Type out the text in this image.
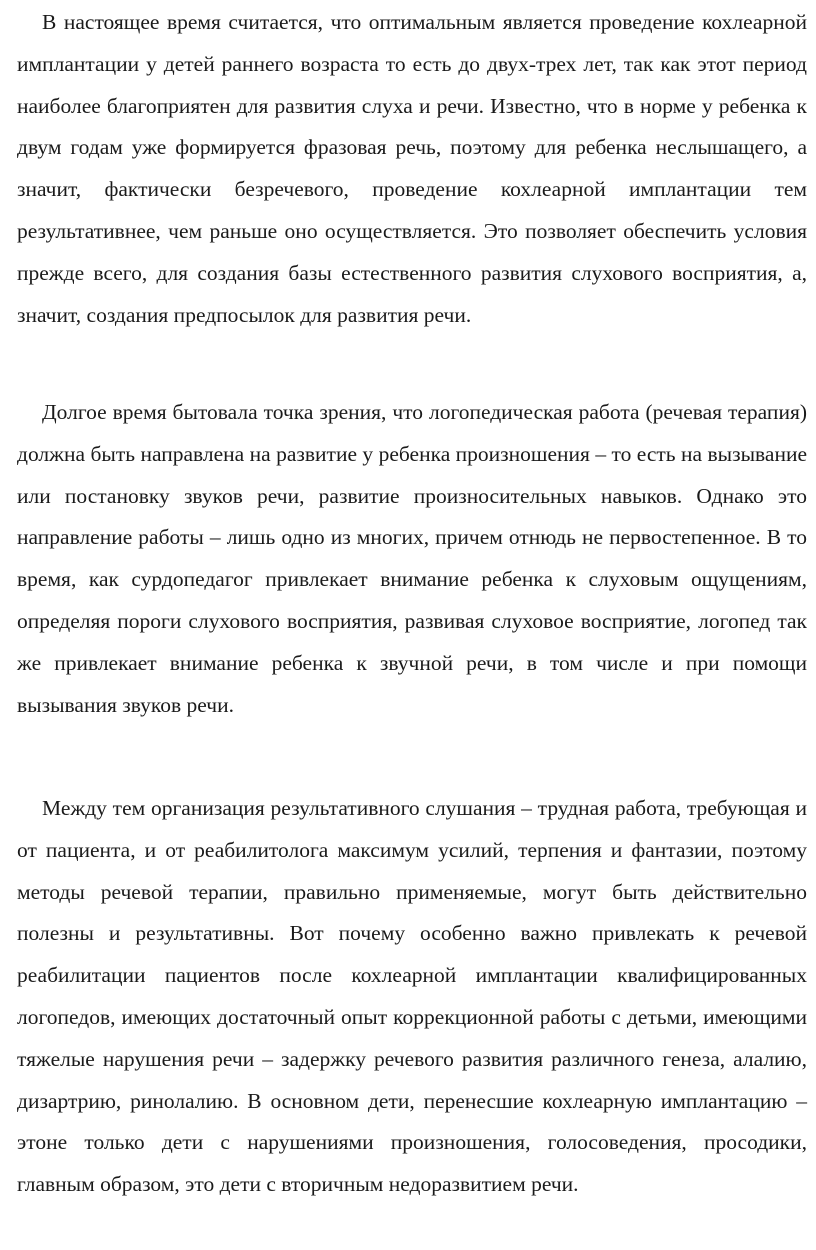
В настоящее время считается, что оптимальным является проведение кохлеарной имплантации у детей раннего возраста то есть до двух-трех лет, так как этот период наиболее благоприятен для развития слуха и речи. Известно, что в норме у ребенка к двум годам уже формируется фразовая речь, поэтому для ребенка неслышащего, а значит, фактически безречевого, проведение кохлеарной имплантации тем результативнее, чем раньше оно осуществляется. Это позволяет обеспечить условия прежде всего, для создания базы естественного развития слухового восприятия, а, значит, создания предпосылок для развития речи.

Долгое время бытовала точка зрения, что логопедическая работа (речевая терапия) должна быть направлена на развитие у ребенка произношения – то есть на вызывание или постановку звуков речи, развитие произносительных навыков. Однако это направление работы – лишь одно из многих, причем отнюдь не первостепенное. В то время, как сурдопедагог привлекает внимание ребенка к слуховым ощущениям, определяя пороги слухового восприятия, развивая слуховое восприятие, логопед так же привлекает внимание ребенка к звучной речи, в том числе и при помощи вызывания звуков речи.

Между тем организация результативного слушания – трудная работа, требующая и от пациента, и от реабилитолога максимум усилий, терпения и фантазии, поэтому методы речевой терапии, правильно применяемые, могут быть действительно полезны и результативны. Вот почему особенно важно привлекать к речевой реабилитации пациентов после кохлеарной имплантации квалифицированных логопедов, имеющих достаточный опыт коррекционной работы с детьми, имеющими тяжелые нарушения речи – задержку речевого развития различного генеза, алалию, дизартрию, ринолалию. В основном дети, перенесшие кохлеарную имплантацию – этоне только дети с нарушениями произношения, голосоведения, просодики, главным образом, это дети с вторичным недоразвитием речи.
